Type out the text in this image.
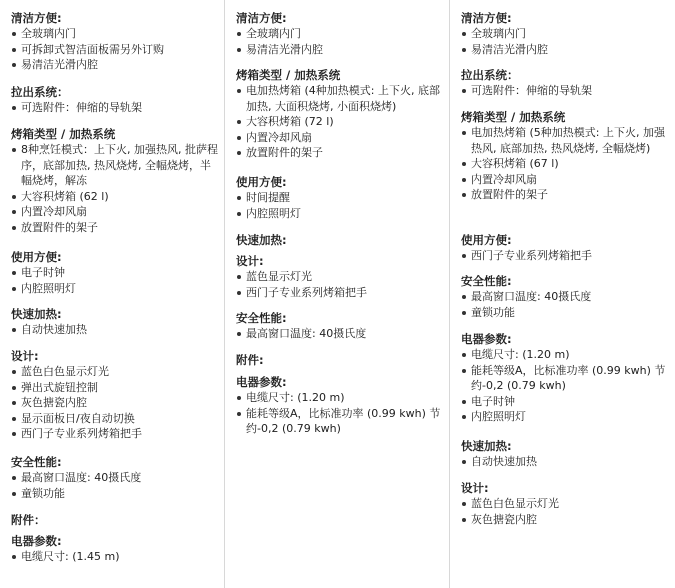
清洁方便:
全玻璃内门
可拆卸式智洁面板需另外订购
易清洁光滑内腔
拉出系统：
可选附件：伸缩的导轨架
烤箱类型 / 加热系统
8种烹饪模式：上下火, 加强热风, 批萨程序，底部加热, 热风烧烤, 全幅烧烤，半幅烧烤，解冻
大容积烤箱 (62 l)
内置冷却风扇
放置附件的架子
使用方便:
电子时钟
内腔照明灯
快速加热:
自动快速加热
设计:
蓝色白色显示灯光
弹出式旋钮控制
灰色搪瓷内腔
显示面板日/夜自动切换
西门子专业系列烤箱把手
安全性能:
最高窗口温度: 40摄氏度
童锁功能
附件：
电器参数:
电缆尺寸: (1.45 m)
清洁方便:
全玻璃内门
易清洁光滑内腔
烤箱类型 / 加热系统
电加热烤箱 (4种加热模式: 上下火, 底部加热, 大面积烧烤, 小面积烧烤)
大容积烤箱 (72 l)
内置冷却风扇
放置附件的架子
使用方便:
时间提醒
内腔照明灯
快速加热:
设计:
蓝色显示灯光
西门子专业系列烤箱把手
安全性能:
最高窗口温度: 40摄氏度
附件:
电器参数:
电缆尺寸: (1.20 m)
能耗等级A，比标准功率 (0.99 kwh) 节约-0,2 (0.79 kwh)
清洁方便:
全玻璃内门
易清洁光滑内腔
拉出系统：
可选附件：伸缩的导轨架
烤箱类型 / 加热系统
电加热烤箱 (5种加热模式: 上下火, 加强热风, 底部加热, 热风烧烤, 全幅烧烤)
大容积烤箱 (67 l)
内置冷却风扇
放置附件的架子
使用方便:
西门子专业系列烤箱把手
安全性能:
最高窗口温度: 40摄氏度
童锁功能
电器参数:
电缆尺寸: (1.20 m)
能耗等级A，比标准功率 (0.99 kwh) 节约-0,2 (0.79 kwh)
电子时钟
内腔照明灯
快速加热:
自动快速加热
设计:
蓝色白色显示灯光
灰色搪瓷内腔
